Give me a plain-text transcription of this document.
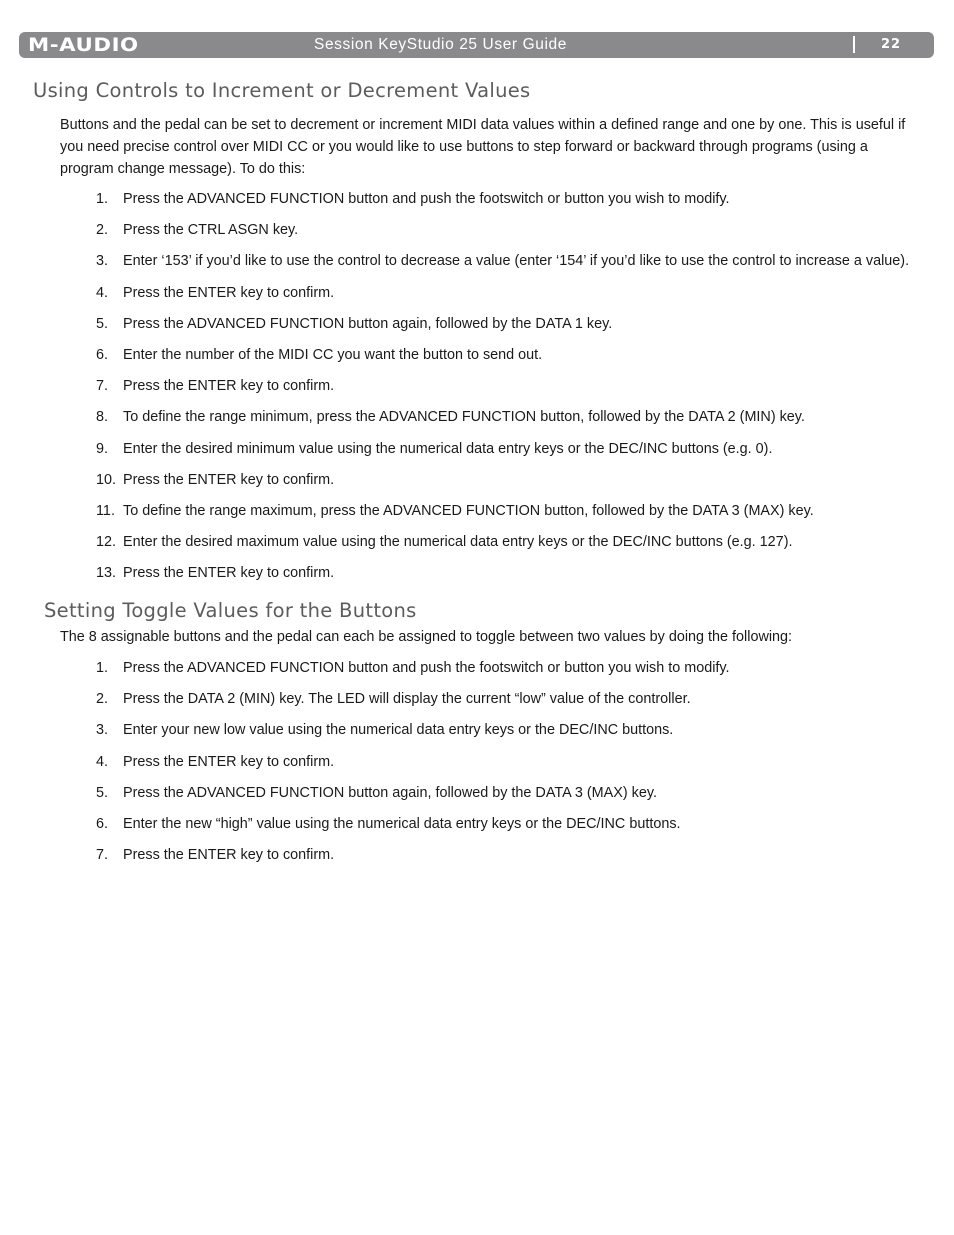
M-AUDIO	Session KeyStudio 25 User Guide	22
Using Controls to Increment or Decrement Values

Buttons and the pedal can be set to decrement or increment MIDI data values within a defined range and one by one. This is useful if you need precise control over MIDI CC or you would like to use buttons to step forward or backward through programs (using a program change message). To do this:

1. Press the ADVANCED FUNCTION button and push the footswitch or button you wish to modify.
2. Press the CTRL ASGN key.
3. Enter ‘153’ if you’d like to use the control to decrease a value (enter ‘154’ if you’d like to use the control to increase a value).
4. Press the ENTER key to confirm.
5. Press the ADVANCED FUNCTION button again, followed by the DATA 1 key.
6. Enter the number of the MIDI CC you want the button to send out.
7. Press the ENTER key to confirm.
8. To define the range minimum, press the ADVANCED FUNCTION button, followed by the DATA 2 (MIN) key.
9. Enter the desired minimum value using the numerical data entry keys or the DEC/INC buttons (e.g. 0).
10. Press the ENTER key to confirm.
11. To define the range maximum, press the ADVANCED FUNCTION button, followed by the DATA 3 (MAX) key.
12. Enter the desired maximum value using the numerical data entry keys or the DEC/INC buttons (e.g. 127).
13. Press the ENTER key to confirm.
Setting Toggle Values for the Buttons

The 8 assignable buttons and the pedal can each be assigned to toggle between two values by doing the following:

1. Press the ADVANCED FUNCTION button and push the footswitch or button you wish to modify.
2. Press the DATA 2 (MIN) key. The LED will display the current “low” value of the controller.
3. Enter your new low value using the numerical data entry keys or the DEC/INC buttons.
4. Press the ENTER key to confirm.
5. Press the ADVANCED FUNCTION button again, followed by the DATA 3 (MAX) key.
6. Enter the new “high” value using the numerical data entry keys or the DEC/INC buttons.
7. Press the ENTER key to confirm.
